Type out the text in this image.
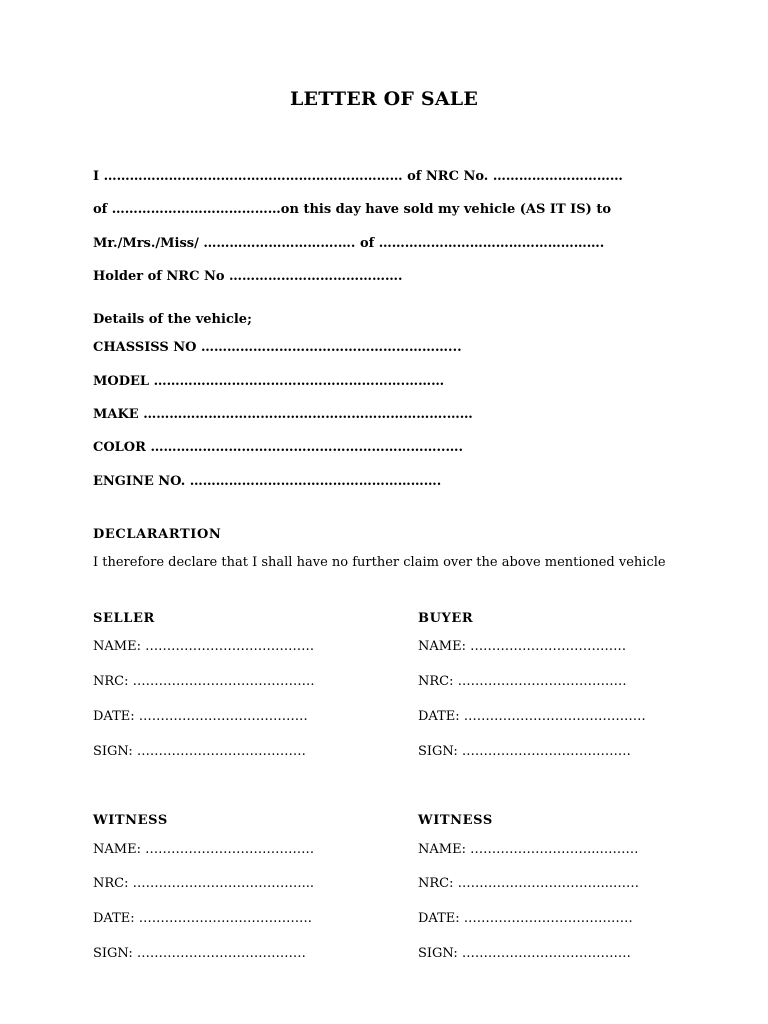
LETTER OF SALE
I …………………………………………………………… of NRC No. …………………………
of …………………………………on this day have sold my vehicle (AS IT IS) to
Mr./Mrs./Miss/ ………………………….…. of …………………………………………….
Holder of NRC No ………………………………….
Details of the vehicle;
CHASSISS NO …………………………………………………...
MODEL ………………………………………………….………
MAKE …………………………………………………………….……
COLOR …………………………………………………………..….
ENGINE NO. ………………………………………………….
DECLARARTION
I therefore declare that I shall have no further claim over the above mentioned vehicle
SELLER
NAME: …………………………………
NRC: ……………………………………
DATE: …………………………………
SIGN: …………………………………
BUYER
NAME: ………………………………
NRC: …………………………………
DATE: ……………………………………
SIGN: …………………………………
WITNESS
NAME: …………………………………
NRC: …………………………………...
DATE: ………………………………….
SIGN: …………………………………
WITNESS
NAME: ………………………...………
NRC: ……………………………...……
DATE: …………………………………
SIGN: …………………………………
